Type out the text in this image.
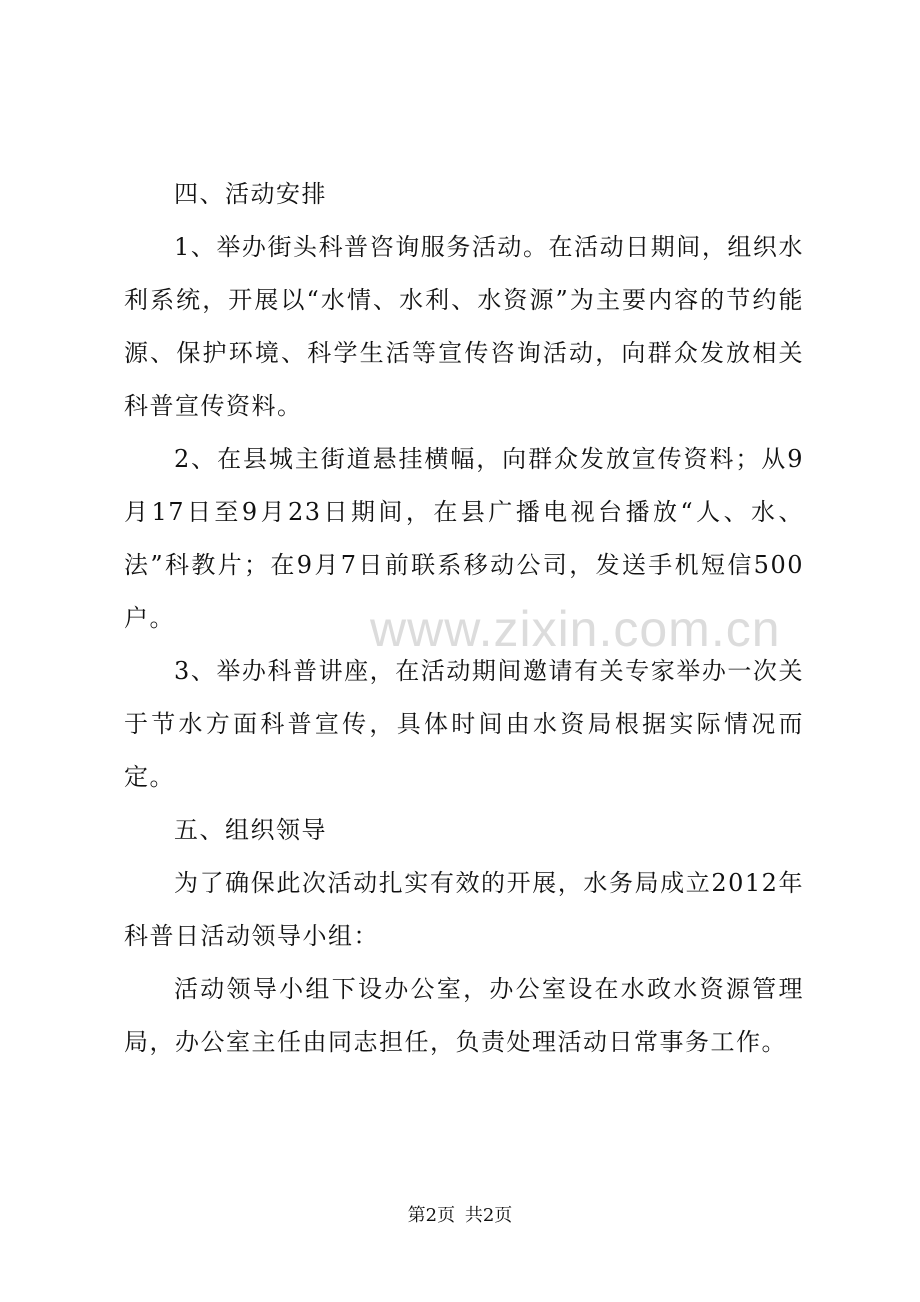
四、活动安排

1、举办街头科普咨询服务活动。在活动日期间，组织水利系统，开展以“水情、水利、水资源”为主要内容的节约能源、保护环境、科学生活等宣传咨询活动，向群众发放相关科普宣传资料。

2、在县城主街道悬挂横幅，向群众发放宣传资料；从9月17日至9月23日期间，在县广播电视台播放“人、水、法”科教片；在9月7日前联系移动公司，发送手机短信500户。

3、举办科普讲座，在活动期间邀请有关专家举办一次关于节水方面科普宣传，具体时间由水资局根据实际情况而定。

五、组织领导

为了确保此次活动扎实有效的开展，水务局成立2012年科普日活动领导小组：

活动领导小组下设办公室，办公室设在水政水资源管理局，办公室主任由同志担任，负责处理活动日常事务工作。

www.zixin.com.cn
第2页 共2页
